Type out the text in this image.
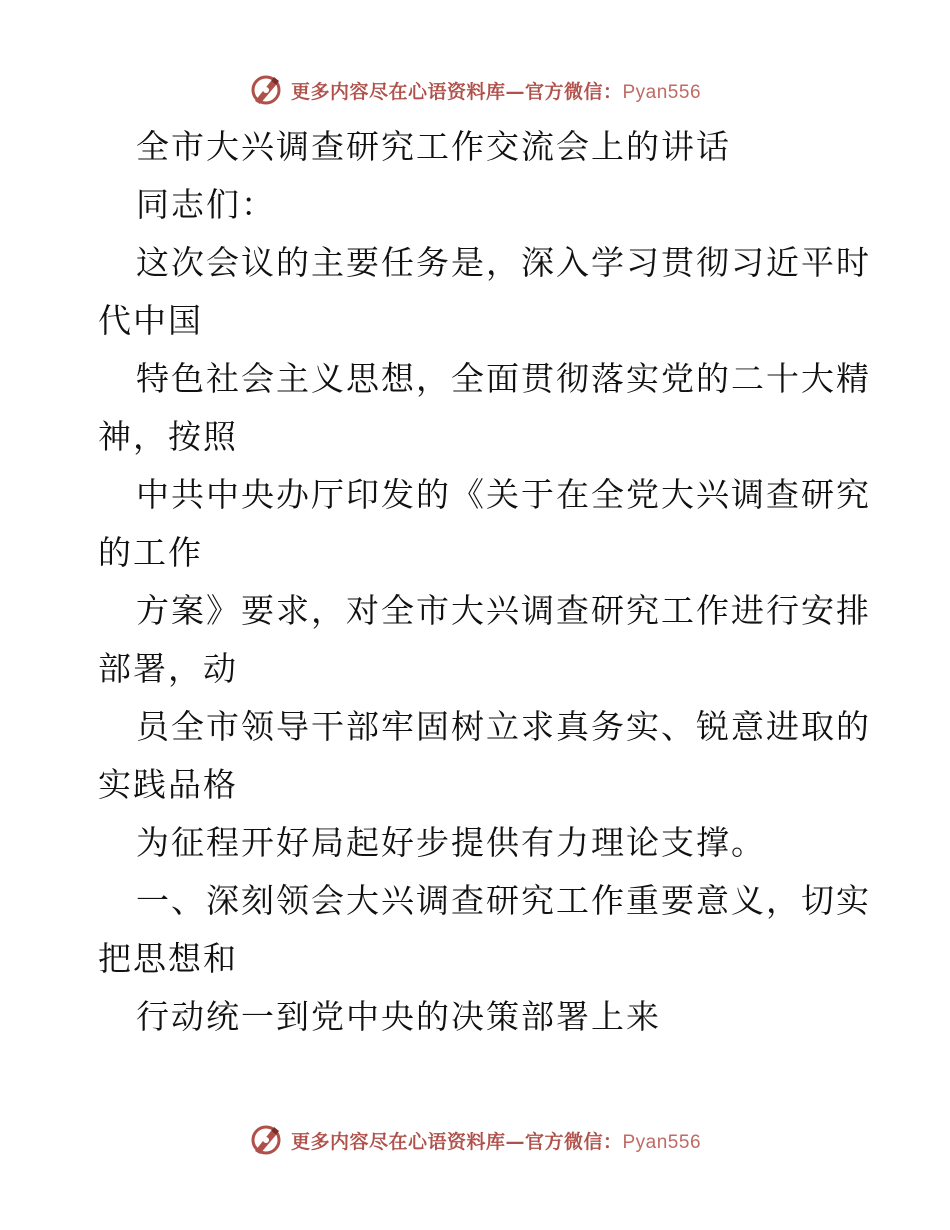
更多内容尽在心语资料库—官方微信：Pyan556
全市大兴调查研究工作交流会上的讲话
同志们：
这次会议的主要任务是，深入学习贯彻习近平时
代中国
特色社会主义思想，全面贯彻落实党的二十大精
神，按照
中共中央办厅印发的《关于在全党大兴调查研究
的工作
方案》要求，对全市大兴调查研究工作进行安排
部署，动
员全市领导干部牢固树立求真务实、锐意进取的
实践品格
为征程开好局起好步提供有力理论支撑。
一、深刻领会大兴调查研究工作重要意义，切实
把思想和
行动统一到党中央的决策部署上来
更多内容尽在心语资料库—官方微信：Pyan556
